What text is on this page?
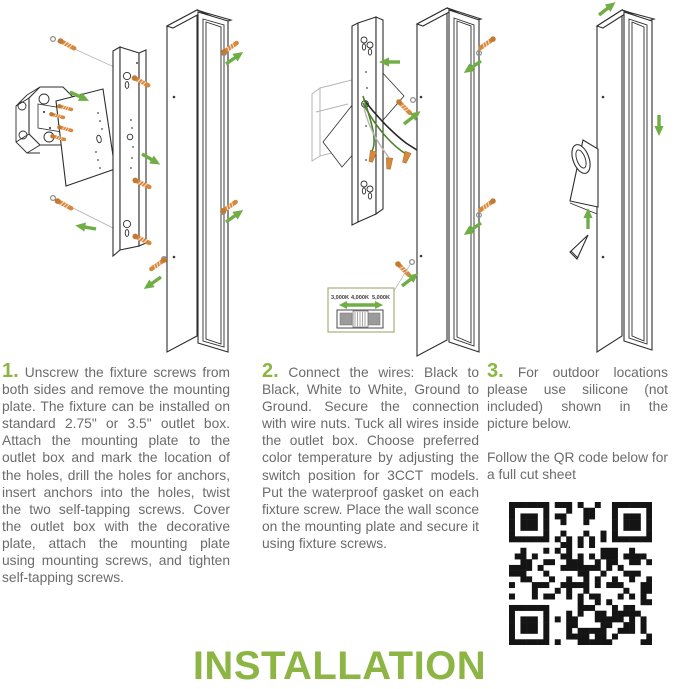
3,000K 4,000K 5,000K

1. Unscrew the fixture screws from both sides and remove the mounting plate. The fixture can be installed on standard 2.75" or 3.5" outlet box. Attach the mounting plate to the outlet box and mark the location of the holes, drill the holes for anchors, insert anchors into the holes, twist the two self-tapping screws. Cover the outlet box with the decorative plate, attach the mounting plate using mounting screws, and tighten self-tapping screws.

2. Connect the wires: Black to Black, White to White, Ground to Ground. Secure the connection with wire nuts. Tuck all wires inside the outlet box. Choose preferred color temperature by adjusting the switch position for 3CCT models. Put the waterproof gasket on each fixture screw. Place the wall sconce on the mounting plate and secure it using fixture screws.

3. For outdoor locations please use silicone (not included) shown in the picture below.

Follow the QR code below for a full cut sheet

INSTALLATION
